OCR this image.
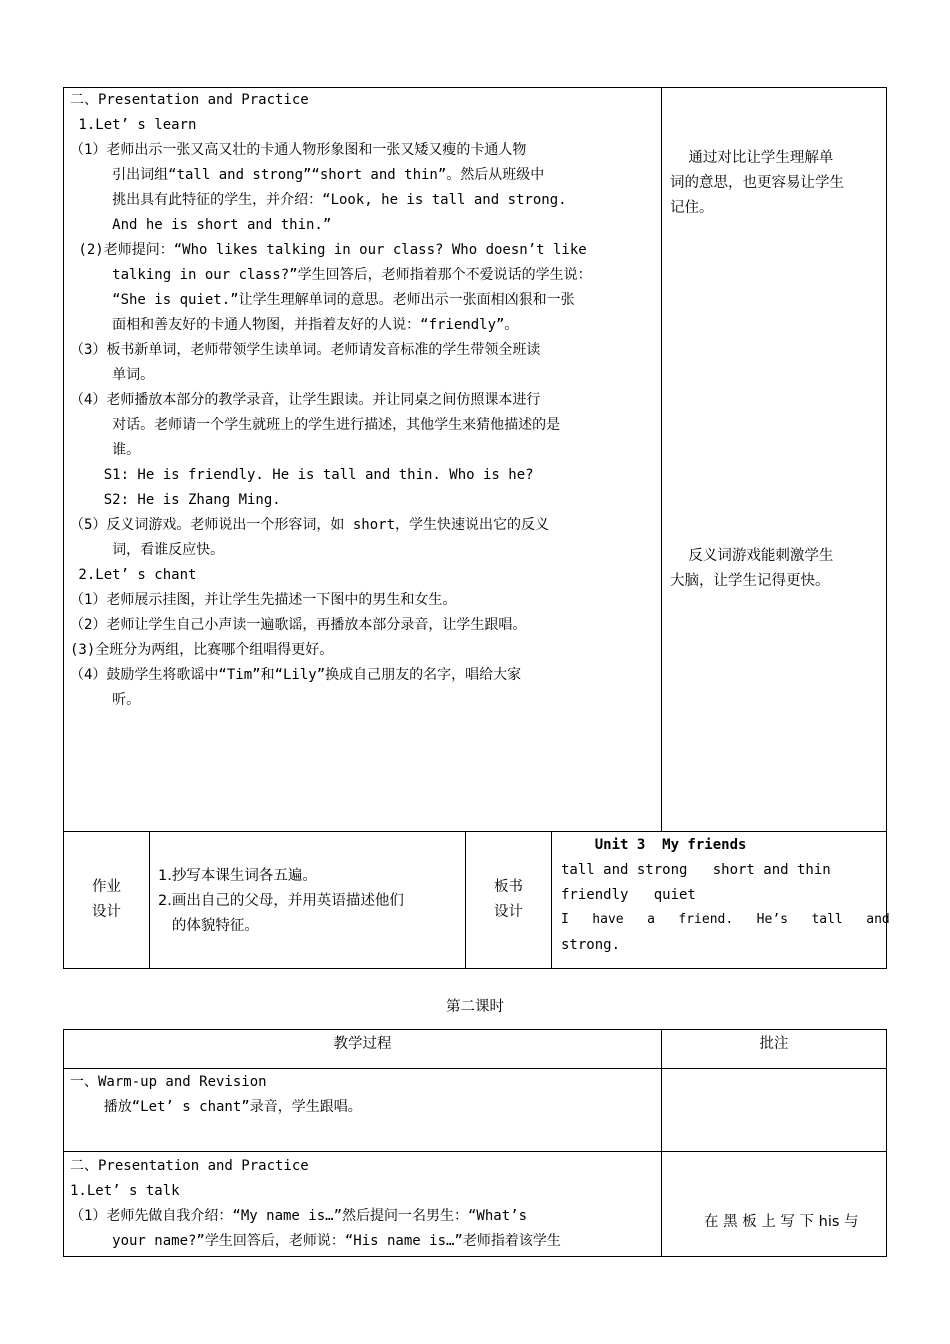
二、Presentation and Practice
1.Let’ s learn
（1）老师出示一张又高又壮的卡通人物形象图和一张又矮又瘦的卡通人物
引出词组“tall and strong”“short and thin”。然后从班级中
挑出具有此特征的学生，并介绍：“Look, he is tall and strong.
And he is short and thin.”
(2)老师提问：“Who likes talking in our class? Who doesn’t like
talking in our class?”学生回答后，老师指着那个不爱说话的学生说：
“She is quiet.”让学生理解单词的意思。老师出示一张面相凶狠和一张
面相和善友好的卡通人物图，并指着友好的人说：“friendly”。
（3）板书新单词，老师带领学生读单词。老师请发音标准的学生带领全班读
单词。
（4）老师播放本部分的教学录音，让学生跟读。并让同桌之间仿照课本进行
对话。老师请一个学生就班上的学生进行描述，其他学生来猜他描述的是
谁。
S1: He is friendly. He is tall and thin. Who is he?
S2: He is Zhang Ming.
（5）反义词游戏。老师说出一个形容词，如 short，学生快速说出它的反义
词，看谁反应快。
2.Let’ s chant
（1）老师展示挂图，并让学生先描述一下图中的男生和女生。
（2）老师让学生自己小声读一遍歌谣，再播放本部分录音，让学生跟唱。
(3)全班分为两组，比赛哪个组唱得更好。
（4）鼓励学生将歌谣中“Tim”和“Lily”换成自己朋友的名字，唱给大家
听。
通过对比让学生理解单
词的意思，也更容易让学生
记住。
反义词游戏能刺激学生
大脑，让学生记得更快。
作业
设计
1.抄写本课生词各五遍。
2.画出自己的父母，并用英语描述他们
的体貌特征。
板书
设计
Unit 3  My friends
tall and strong   short and thin
friendly   quiet
I   have   a   friend.   He’s   tall   and
strong.
第二课时
教学过程	批注
一、Warm-up and Revision
播放“Let’ s chant”录音，学生跟唱。
二、Presentation and Practice
1.Let’ s talk
（1）老师先做自我介绍：“My name is…”然后提问一名男生：“What’s
your name?”学生回答后，老师说：“His name is…”老师指着该学生
在 黑 板 上 写 下 his 与
